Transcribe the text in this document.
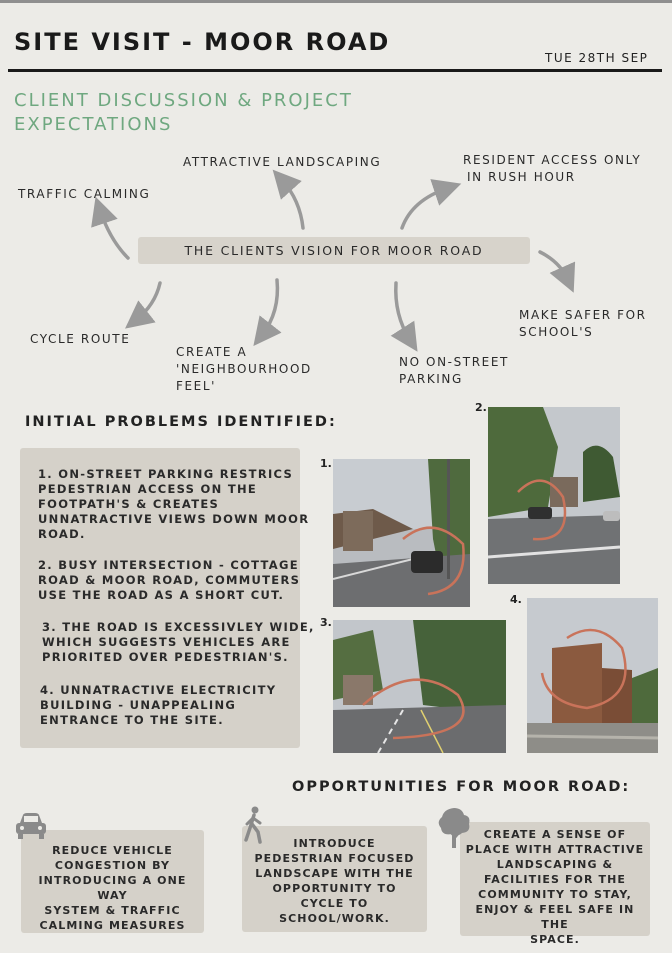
SITE VISIT - MOOR ROAD
TUE 28TH SEP
CLIENT DISCUSSION & PROJECT
EXPECTATIONS
THE CLIENTS VISION FOR MOOR ROAD
TRAFFIC CALMING
ATTRACTIVE LANDSCAPING	RESIDENT ACCESS ONLY
IN RUSH HOUR
MAKE SAFER FOR
SCHOOL'S
CYCLE ROUTE
CREATE A
'NEIGHBOURHOOD
FEEL'
NO ON-STREET
PARKING
INITIAL PROBLEMS IDENTIFIED:
1. ON-STREET PARKING RESTRICS
PEDESTRIAN ACCESS ON THE
FOOTPATH'S & CREATES
UNNATRACTIVE VIEWS DOWN MOOR
ROAD.
2. BUSY INTERSECTION - COTTAGE
ROAD & MOOR ROAD, COMMUTERS
USE THE ROAD AS A SHORT CUT.
3. THE ROAD IS EXCESSIVLEY WIDE,
WHICH SUGGESTS VEHICLES ARE
PRIORITED OVER PEDESTRIAN'S.
4. UNNATRACTIVE ELECTRICITY
BUILDING - UNAPPEALING
ENTRANCE TO THE SITE.
1.
2.
3.
4.
OPPORTUNITIES FOR MOOR ROAD:
REDUCE VEHICLE
CONGESTION BY
INTRODUCING A ONE WAY
SYSTEM & TRAFFIC
CALMING MEASURES
INTRODUCE
PEDESTRIAN FOCUSED
LANDSCAPE WITH THE
OPPORTUNITY TO
CYCLE TO
SCHOOL/WORK.
CREATE A SENSE OF
PLACE WITH ATTRACTIVE
LANDSCAPING &
FACILITIES FOR THE
COMMUNITY TO STAY,
ENJOY & FEEL SAFE IN THE
SPACE.
